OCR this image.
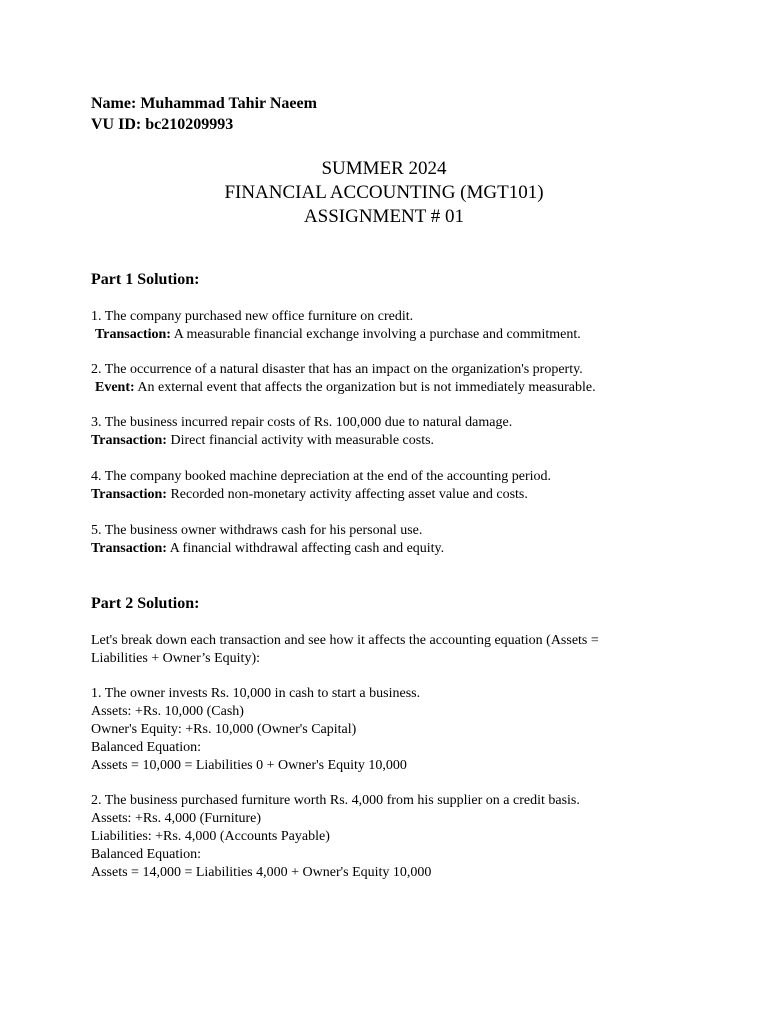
Name: Muhammad Tahir Naeem
VU ID: bc210209993
SUMMER 2024
FINANCIAL ACCOUNTING (MGT101)
ASSIGNMENT # 01
Part 1 Solution:
1. The company purchased new office furniture on credit.
Transaction: A measurable financial exchange involving a purchase and commitment.
2. The occurrence of a natural disaster that has an impact on the organization's property.
Event: An external event that affects the organization but is not immediately measurable.
3. The business incurred repair costs of Rs. 100,000 due to natural damage.
Transaction: Direct financial activity with measurable costs.
4. The company booked machine depreciation at the end of the accounting period.
Transaction: Recorded non-monetary activity affecting asset value and costs.
5. The business owner withdraws cash for his personal use.
Transaction: A financial withdrawal affecting cash and equity.
Part 2 Solution:
Let's break down each transaction and see how it affects the accounting equation (Assets =
Liabilities + Owner’s Equity):
1. The owner invests Rs. 10,000 in cash to start a business.
Assets: +Rs. 10,000 (Cash)
Owner's Equity: +Rs. 10,000 (Owner's Capital)
Balanced Equation:
Assets = 10,000 = Liabilities 0 + Owner's Equity 10,000
2. The business purchased furniture worth Rs. 4,000 from his supplier on a credit basis.
Assets: +Rs. 4,000 (Furniture)
Liabilities: +Rs. 4,000 (Accounts Payable)
Balanced Equation:
Assets = 14,000 = Liabilities 4,000 + Owner's Equity 10,000
